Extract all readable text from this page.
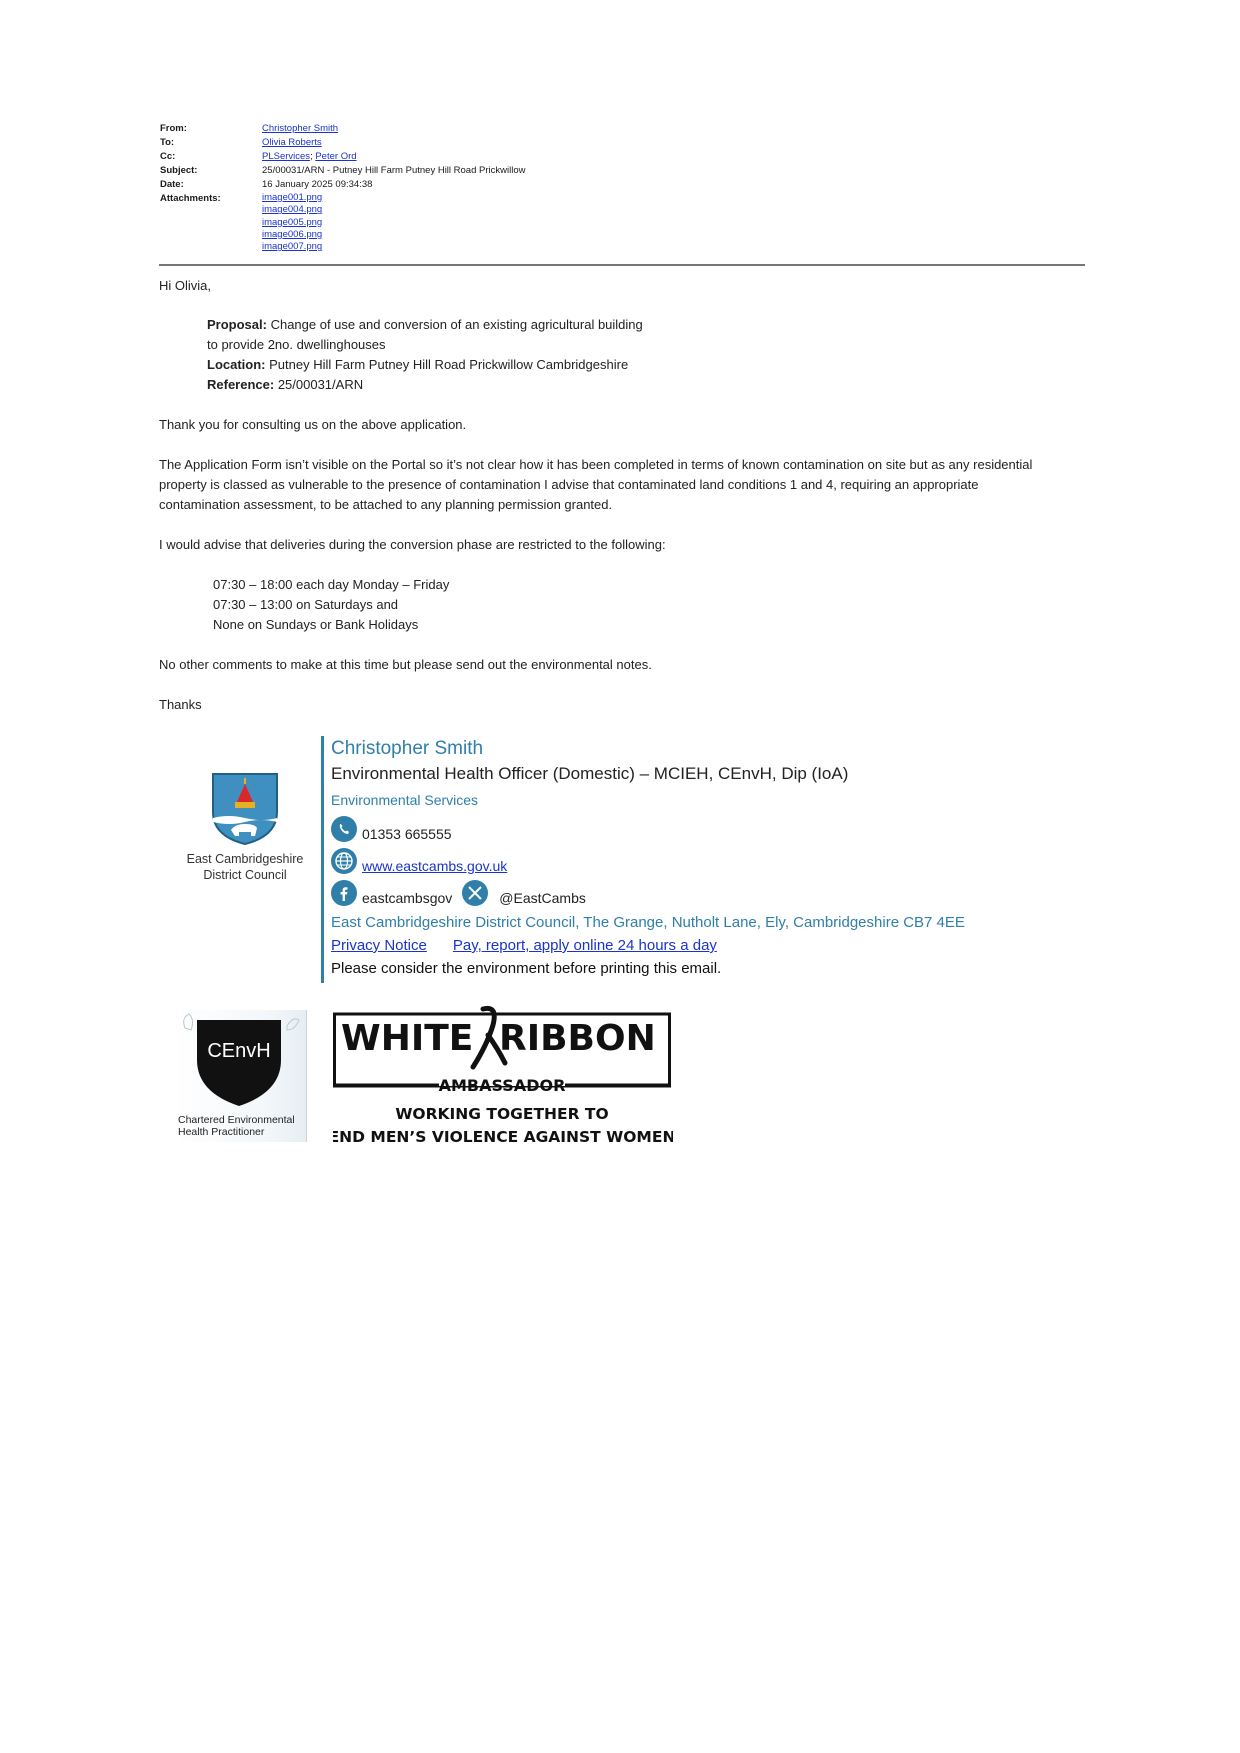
From:	Christopher Smith
To:	Olivia Roberts
Cc:	PLServices; Peter Ord
Subject:	25/00031/ARN - Putney Hill Farm Putney Hill Road Prickwillow
Date:	16 January 2025 09:34:38
Attachments:	image001.png
image004.png
image005.png
image006.png
image007.png
Hi Olivia,
Proposal: Change of use and conversion of an existing agricultural building
to provide 2no. dwellinghouses
Location: Putney Hill Farm Putney Hill Road Prickwillow Cambridgeshire
Reference: 25/00031/ARN
Thank you for consulting us on the above application.
The Application Form isn’t visible on the Portal so it’s not clear how it has been completed in terms of known contamination on site but as any residential
property is classed as vulnerable to the presence of contamination I advise that contaminated land conditions 1 and 4, requiring an appropriate
contamination assessment, to be attached to any planning permission granted.
I would advise that deliveries during the conversion phase are restricted to the following:
07:30 – 18:00 each day Monday – Friday
07:30 – 13:00 on Saturdays and
None on Sundays or Bank Holidays
No other comments to make at this time but please send out the environmental notes.
Thanks
East Cambridgeshire
District Council
Christopher Smith
Environmental Health Officer (Domestic) – MCIEH, CEnvH, Dip (IoA)
Environmental Services
01353 665555
www.eastcambs.gov.uk
eastcambsgov	@EastCambs
East Cambridgeshire District Council, The Grange, Nutholt Lane, Ely, Cambridgeshire CB7 4EE
Privacy Notice Pay, report, apply online 24 hours a day
Please consider the environment before printing this email.
CEnvH
Chartered Environmental
Health Practitioner
WHITE RIBBON
AMBASSADOR
WORKING TOGETHER TO
END MEN’S VIOLENCE AGAINST WOMEN
